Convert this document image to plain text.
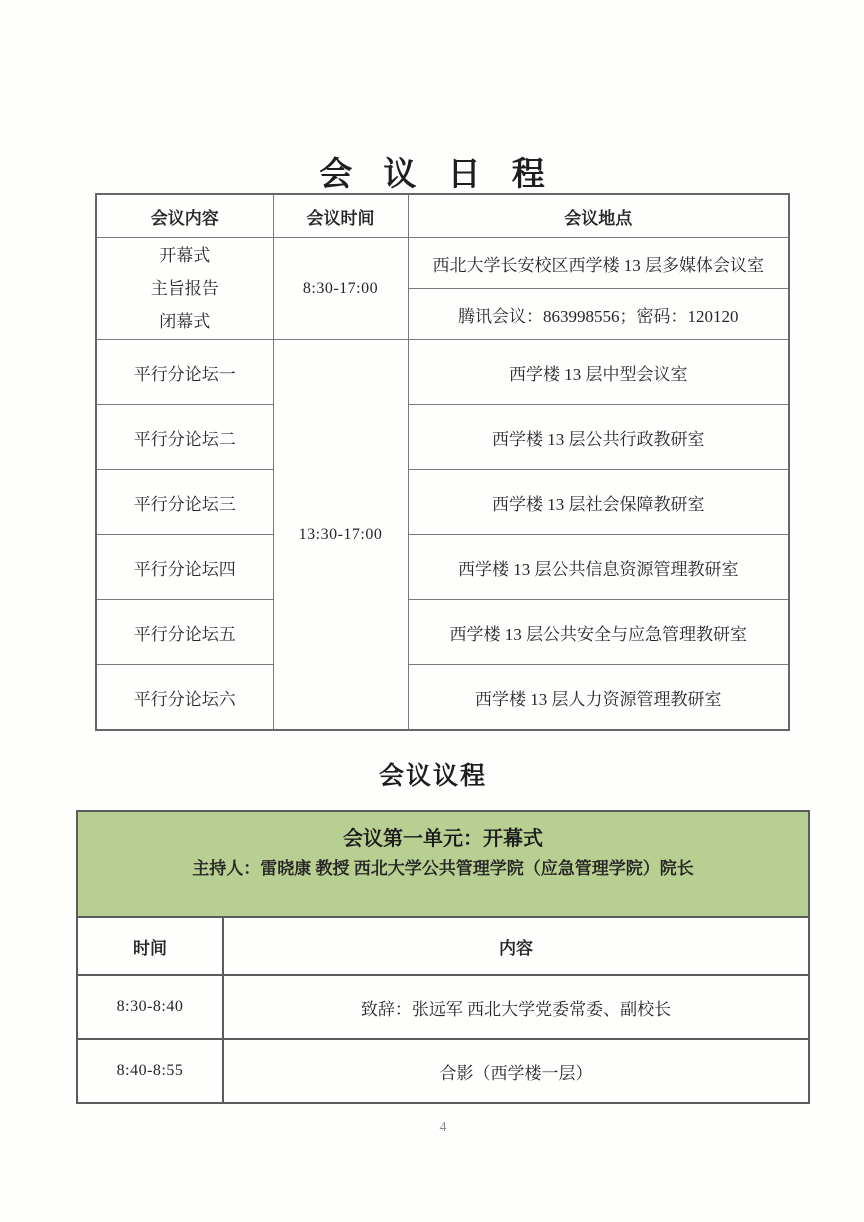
会 议 日 程
会议内容	会议时间	会议地点

开幕式
主旨报告
闭幕式	8:30-17:00	西北大学长安校区西学楼 13 层多媒体会议室
		腾讯会议：863998556；密码：120120
平行分论坛一	13:30-17:00	西学楼 13 层中型会议室
平行分论坛二		西学楼 13 层公共行政教研室
平行分论坛三		西学楼 13 层社会保障教研室
平行分论坛四		西学楼 13 层公共信息资源管理教研室
平行分论坛五		西学楼 13 层公共安全与应急管理教研室
平行分论坛六		西学楼 13 层人力资源管理教研室
会议议程
会议第一单元：开幕式
主持人：雷晓康 教授 西北大学公共管理学院（应急管理学院）院长	

时间	内容
8:30-8:40	致辞：张远军 西北大学党委常委、副校长
8:40-8:55	合影（西学楼一层）
4
